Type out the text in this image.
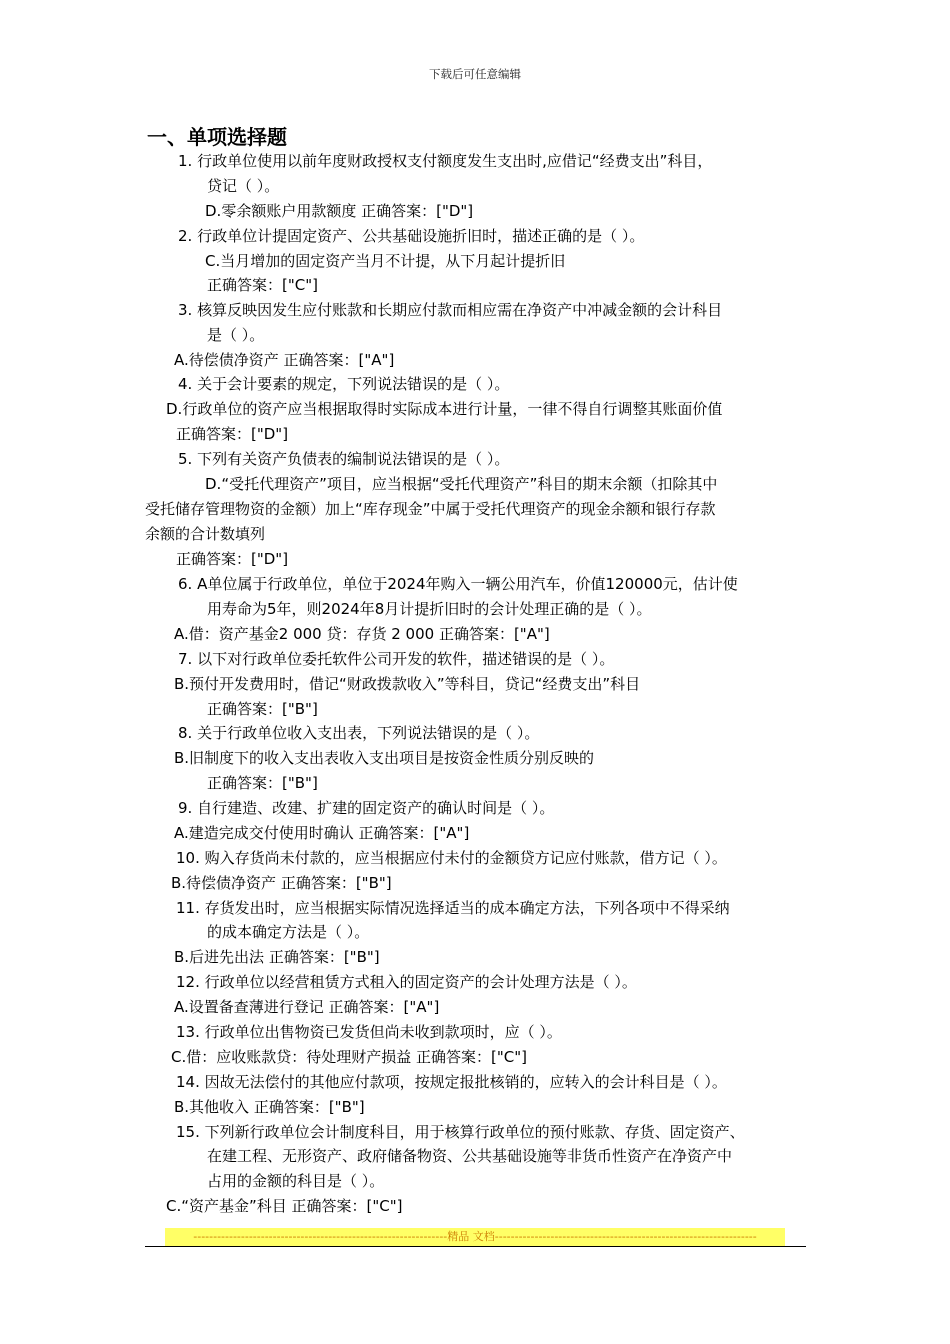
下载后可任意编辑
一、单项选择题
1. 行政单位使用以前年度财政授权支付额度发生支出时,应借记“经费支出”科目，
贷记（ ）。
D.零余额账户用款额度 正确答案：["D"]
2. 行政单位计提固定资产、公共基础设施折旧时，描述正确的是（ ）。
C.当月增加的固定资产当月不计提，从下月起计提折旧
正确答案：["C"]
3. 核算反映因发生应付账款和长期应付款而相应需在净资产中冲减金额的会计科目
是（ ）。
A.待偿债净资产 正确答案：["A"]
4. 关于会计要素的规定，下列说法错误的是（ ）。
D.行政单位的资产应当根据取得时实际成本进行计量，一律不得自行调整其账面价值
正确答案：["D"]
5. 下列有关资产负债表的编制说法错误的是（ ）。
D.“受托代理资产”项目，应当根据“受托代理资产”科目的期末余额（扣除其中
受托储存管理物资的金额）加上“库存现金”中属于受托代理资产的现金余额和银行存款
余额的合计数填列
正确答案：["D"]
6. A单位属于行政单位，单位于2024年购入一辆公用汽车，价值120000元，估计使
用寿命为5年，则2024年8月计提折旧时的会计处理正确的是（ ）。
A.借：资产基金2 000 贷：存货 2 000 正确答案：["A"]
7. 以下对行政单位委托软件公司开发的软件，描述错误的是（ ）。
B.预付开发费用时，借记“财政拨款收入”等科目，贷记“经费支出”科目
正确答案：["B"]
8. 关于行政单位收入支出表，下列说法错误的是（ ）。
B.旧制度下的收入支出表收入支出项目是按资金性质分别反映的
正确答案：["B"]
9. 自行建造、改建、扩建的固定资产的确认时间是（ ）。
A.建造完成交付使用时确认 正确答案：["A"]
10. 购入存货尚未付款的，应当根据应付未付的金额贷方记应付账款，借方记（ ）。
B.待偿债净资产 正确答案：["B"]
11. 存货发出时，应当根据实际情况选择适当的成本确定方法，下列各项中不得采纳
的成本确定方法是（ ）。
B.后进先出法 正确答案：["B"]
12. 行政单位以经营租赁方式租入的固定资产的会计处理方法是（ ）。
A.设置备查薄进行登记 正确答案：["A"]
13. 行政单位出售物资已发货但尚未收到款项时，应（ ）。
C.借：应收账款贷：待处理财产损益 正确答案：["C"]
14. 因故无法偿付的其他应付款项，按规定报批核销的，应转入的会计科目是（ ）。
B.其他收入 正确答案：["B"]
15. 下列新行政单位会计制度科目，用于核算行政单位的预付账款、存货、固定资产、
在建工程、无形资产、政府储备物资、公共基础设施等非货币性资产在净资产中
占用的金额的科目是（ ）。
C.“资产基金”科目 正确答案：["C"]
----------------------------------------------------------------精品 文档------------------------------------------------------------------
